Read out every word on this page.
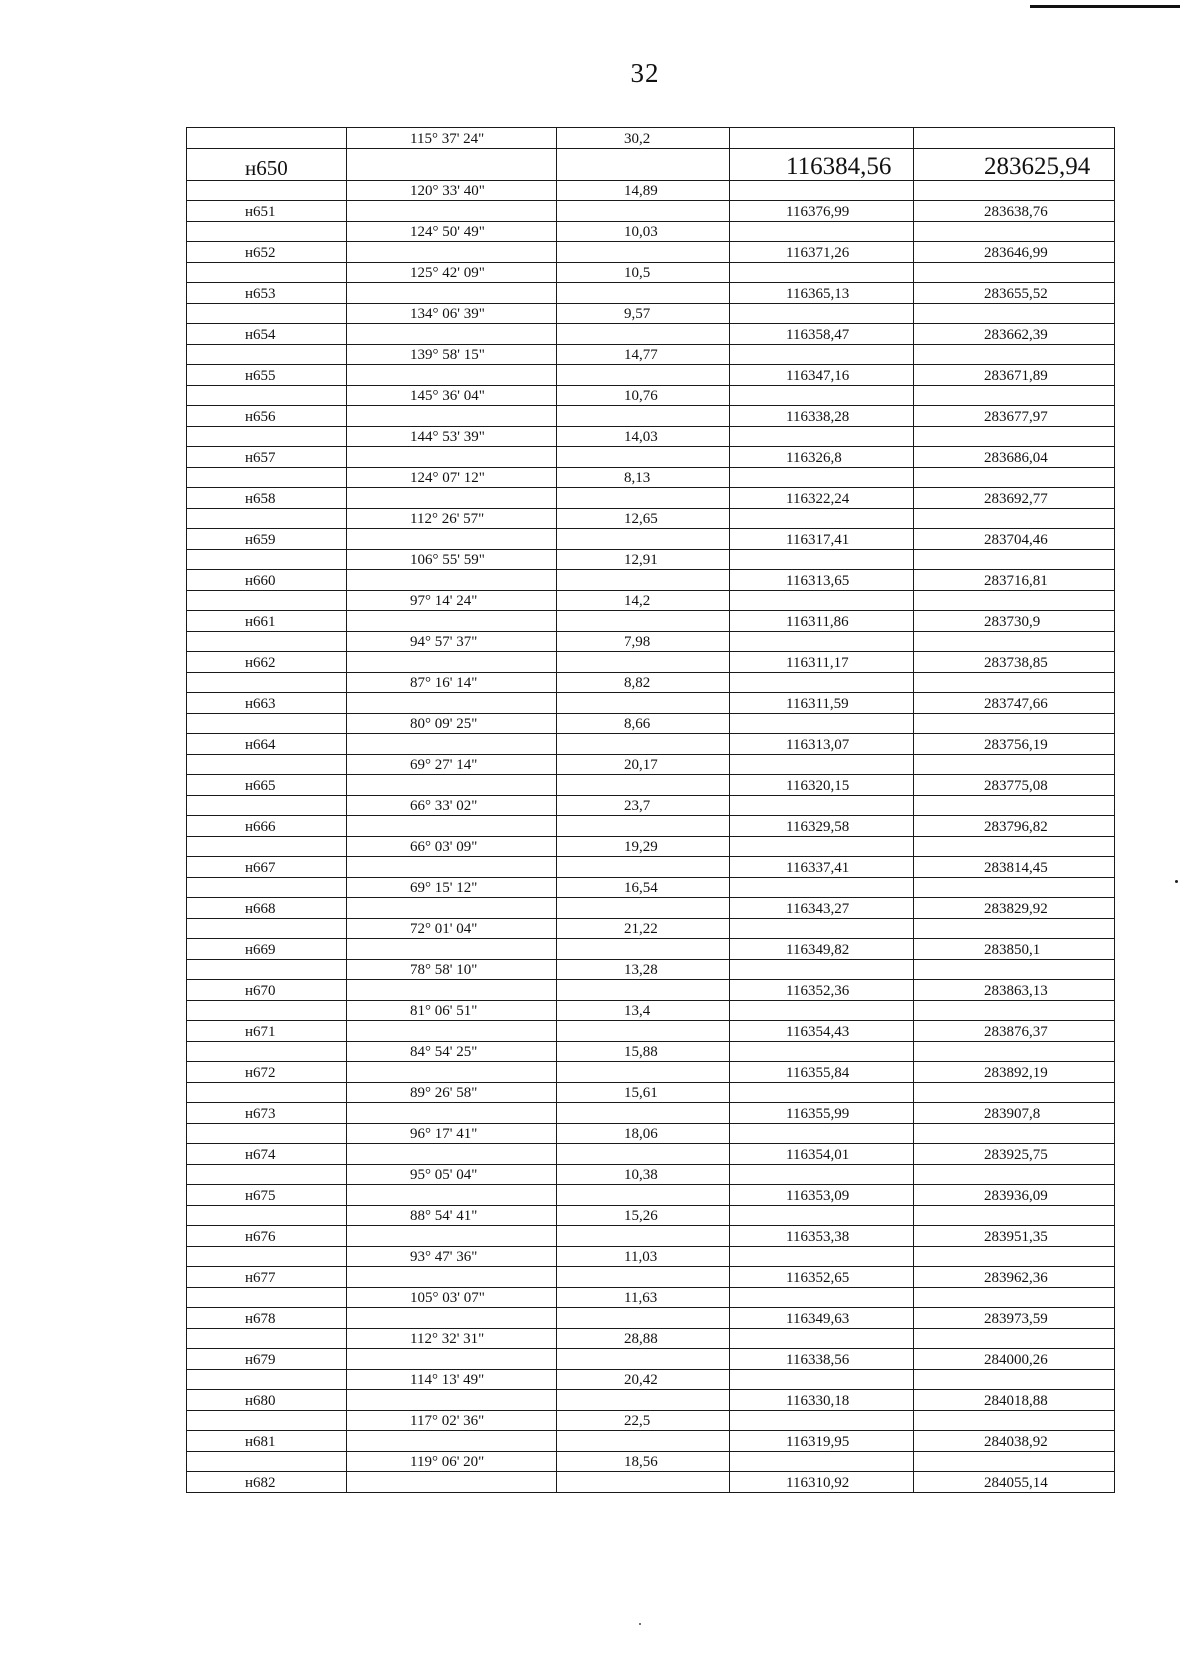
32

	115° 37' 24"	30,2		

н650			116384,56	283625,94

	120° 33' 40"	14,89		

н651			116376,99	283638,76

	124° 50' 49"	10,03		

н652			116371,26	283646,99

	125° 42' 09"	10,5		

н653			116365,13	283655,52

	134° 06' 39"	9,57		

н654			116358,47	283662,39

	139° 58' 15"	14,77		

н655			116347,16	283671,89

	145° 36' 04"	10,76		

н656			116338,28	283677,97

	144° 53' 39"	14,03		

н657			116326,8	283686,04

	124° 07' 12"	8,13		

н658			116322,24	283692,77

	112° 26' 57"	12,65		

н659			116317,41	283704,46

	106° 55' 59"	12,91		

н660			116313,65	283716,81

	97° 14' 24"	14,2		

н661			116311,86	283730,9

	94° 57' 37"	7,98		

н662			116311,17	283738,85

	87° 16' 14"	8,82		

н663			116311,59	283747,66

	80° 09' 25"	8,66		

н664			116313,07	283756,19

	69° 27' 14"	20,17		

н665			116320,15	283775,08

	66° 33' 02"	23,7		

н666			116329,58	283796,82

	66° 03' 09"	19,29		

н667			116337,41	283814,45

	69° 15' 12"	16,54		

н668			116343,27	283829,92

	72° 01' 04"	21,22		

н669			116349,82	283850,1

	78° 58' 10"	13,28		

н670			116352,36	283863,13

	81° 06' 51"	13,4		

н671			116354,43	283876,37

	84° 54' 25"	15,88		

н672			116355,84	283892,19

	89° 26' 58"	15,61		

н673			116355,99	283907,8

	96° 17' 41"	18,06		

н674			116354,01	283925,75

	95° 05' 04"	10,38		

н675			116353,09	283936,09

	88° 54' 41"	15,26		

н676			116353,38	283951,35

	93° 47' 36"	11,03		

н677			116352,65	283962,36

	105° 03' 07"	11,63		

н678			116349,63	283973,59

	112° 32' 31"	28,88		

н679			116338,56	284000,26

	114° 13' 49"	20,42		

н680			116330,18	284018,88

	117° 02' 36"	22,5		

н681			116319,95	284038,92

	119° 06' 20"	18,56		

н682			116310,92	284055,14
